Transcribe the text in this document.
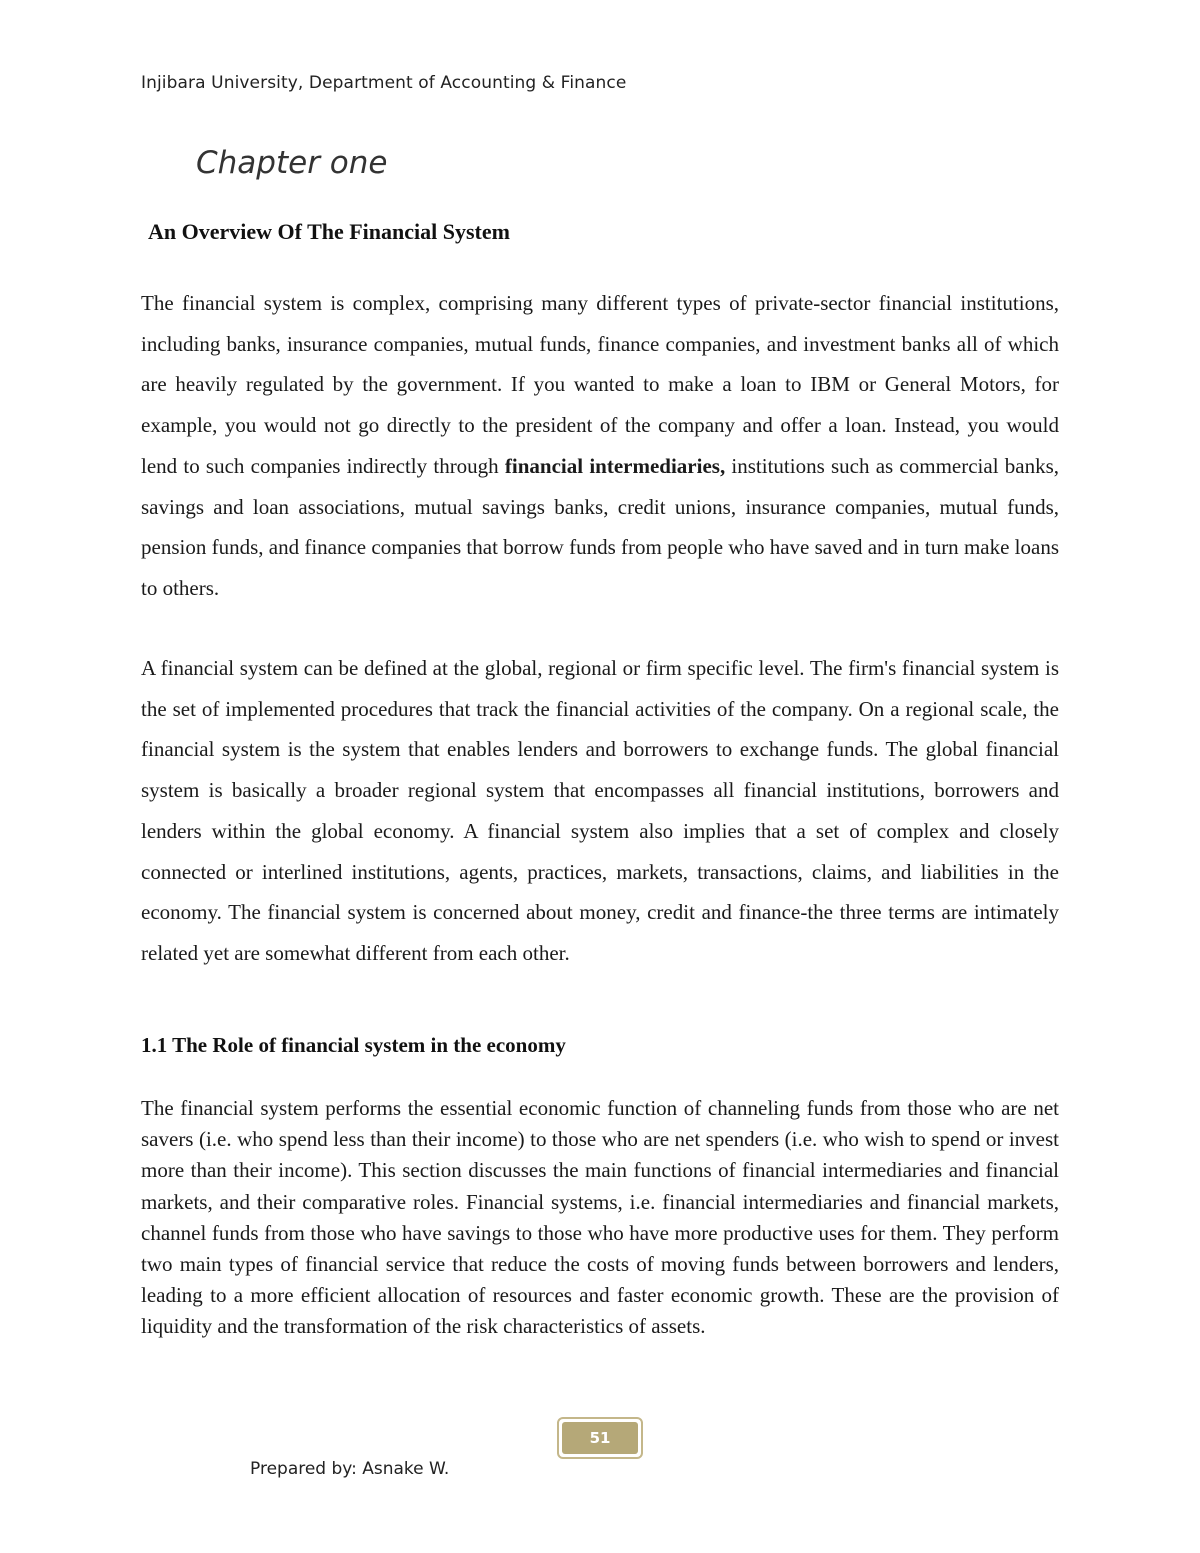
Injibara University, Department of Accounting & Finance
Chapter one
An Overview Of The Financial System

The financial system is complex, comprising many different types of private-sector financial institutions, including banks, insurance companies, mutual funds, finance companies, and investment banks all of which are heavily regulated by the government. If you wanted to make a loan to IBM or General Motors, for example, you would not go directly to the president of the company and offer a loan. Instead, you would lend to such companies indirectly through financial intermediaries, institutions such as commercial banks, savings and loan associations, mutual savings banks, credit unions, insurance companies, mutual funds, pension funds, and finance companies that borrow funds from people who have saved and in turn make loans to others.

A financial system can be defined at the global, regional or firm specific level. The firm's financial system is the set of implemented procedures that track the financial activities of the company. On a regional scale, the financial system is the system that enables lenders and borrowers to exchange funds. The global financial system is basically a broader regional system that encompasses all financial institutions, borrowers and lenders within the global economy. A financial system also implies that a set of complex and closely connected or interlined institutions, agents, practices, markets, transactions, claims, and liabilities in the economy. The financial system is concerned about money, credit and finance-the three terms are intimately related yet are somewhat different from each other.

1.1 The Role of financial system in the economy

The financial system performs the essential economic function of channeling funds from those who are net savers (i.e. who spend less than their income) to those who are net spenders (i.e. who wish to spend or invest more than their income). This section discusses the main functions of financial intermediaries and financial markets, and their comparative roles. Financial systems, i.e. financial intermediaries and financial markets, channel funds from those who have savings to those who have more productive uses for them. They perform two main types of financial service that reduce the costs of moving funds between borrowers and lenders, leading to a more efficient allocation of resources and faster economic growth. These are the provision of liquidity and the transformation of the risk characteristics of assets.

51
Prepared by: Asnake W.
